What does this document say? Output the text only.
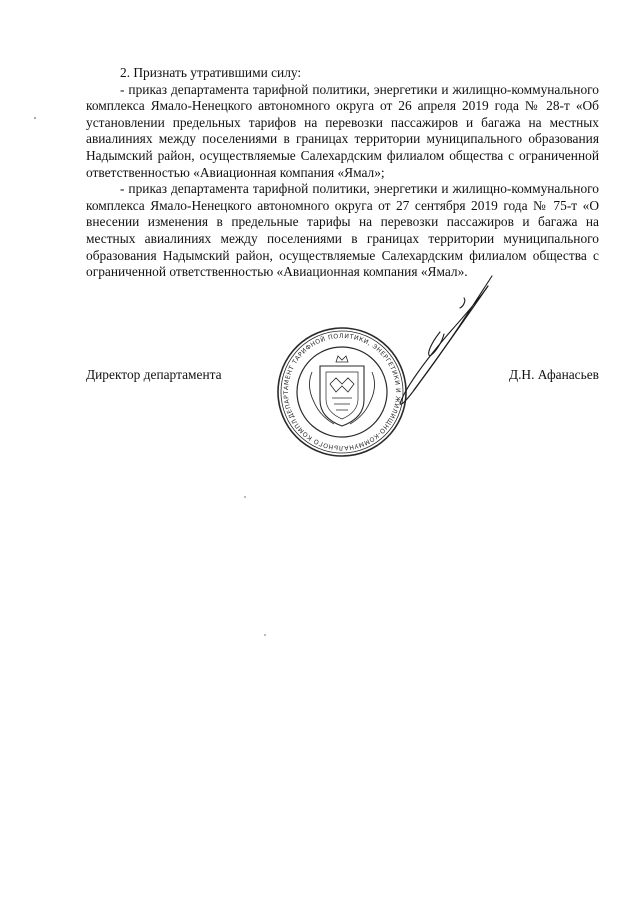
2. Признать утратившими силу:

- приказ департамента тарифной политики, энергетики и жилищно-коммунального комплекса Ямало-Ненецкого автономного округа от 26 апреля 2019 года № 28-т «Об установлении предельных тарифов на перевозки пассажиров и багажа на местных авиалиниях между поселениями в границах территории муниципального образования Надымский район, осуществляемые Салехардским филиалом общества с ограниченной ответственностью «Авиационная компания «Ямал»;

- приказ департамента тарифной политики, энергетики и жилищно-коммунального комплекса Ямало-Ненецкого автономного округа от 27 сентября 2019 года № 75-т «О внесении изменения в предельные тарифы на перевозки пассажиров и багажа на местных авиалиниях между поселениями в границах территории муниципального образования Надымский район, осуществляемые Салехардским филиалом общества с ограниченной ответственностью «Авиационная компания «Ямал».

ДЕПАРТАМЕНТ ТАРИФНОЙ ПОЛИТИКИ, ЭНЕРГЕТИКИ И ЖИЛИЩНО-КОММУНАЛЬНОГО КОМПЛЕКСА
Директор департамента	Д.Н. Афанасьев
